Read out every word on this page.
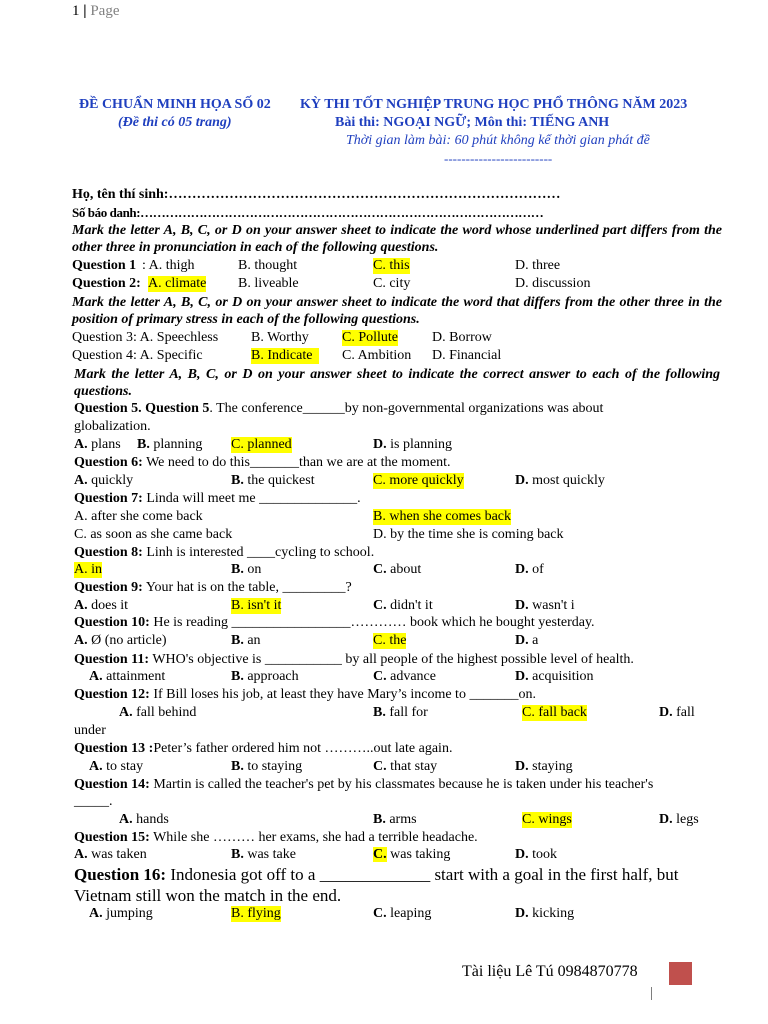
1 | Page
ĐỀ CHUẨN MINH HỌA SỐ 02
(Đề thi có 05 trang)
KỲ THI TỐT NGHIỆP TRUNG HỌC PHỔ THÔNG NĂM 2023
Bài thi: NGOẠI NGỮ; Môn thi: TIẾNG ANH
Thời gian làm bài: 60 phút không kể thời gian phát đề
-------------------------
Họ, tên thí sinh:…………………………………………………………………………
Số báo danh:……………………………………………………………………………………
Mark the letter A, B, C, or D on your answer sheet to indicate the word whose underlined part differs from the other three in pronunciation in each of the following questions.
Question 1 : A. thigh	B. thought	C. this	D. three
Question 2: A. climate B. liveable	C. city	D. discussion
Mark the letter A, B, C, or D on your answer sheet to indicate the word that differs from the other three in the position of primary stress in each of the following questions.
Question 3: A. Speechless B. Worthy C. Pollute D. Borrow
Question 4: A. Specific	B. Indicate	C. Ambition D. Financial
Mark the letter A, B, C, or D on your answer sheet to indicate the correct answer to each of the following questions.
Question 5. Question 5. The conference______by non-governmental organizations was about
globalization.
A. plans B. planning C. planned	D. is planning
Question 6: We need to do this_______than we are at the moment.
A. quickly	B. the quickest	C. more quickly	D. most quickly
Question 7: Linda will meet me ______________.
A. after she come back	B. when she comes back
C. as soon as she came back	D. by the time she is coming back
Question 8: Linh is interested ____cycling to school.
A. in	B. on	C. about	D. of
Question 9: Your hat is on the table, _________?
A. does it	B. isn't it	C. didn't it	D. wasn't i
Question 10: He is reading _________________………… book which he bought yesterday.
A. Ø (no article)	B. an	C. the	D. a
Question 11: WHO's objective is ___________ by all people of the highest possible level of health.
A. attainment	B. approach	C. advance	D. acquisition
Question 12: If Bill loses his job, at least they have Mary’s income to _______on.
A. fall behind	B. fall for	C. fall back	D. fall
under
Question 13 :Peter’s father ordered him not ………..out late again.
A. to stay	B. to staying	C. that stay	D. staying
Question 14: Martin is called the teacher's pet by his classmates because he is taken under his teacher's
_____.
A. hands	B. arms	C. wings	D. legs
Question 15: While she ……… her exams, she had a terrible headache.
A. was taken	B. was take	C. was taking	D. took
Question 16: Indonesia got off to a _____________ start with a goal in the first half, but
Vietnam still won the match in the end.
A. jumping	B. flying	C. leaping	D. kicking
Tài liệu Lê Tú 0984870778
|
